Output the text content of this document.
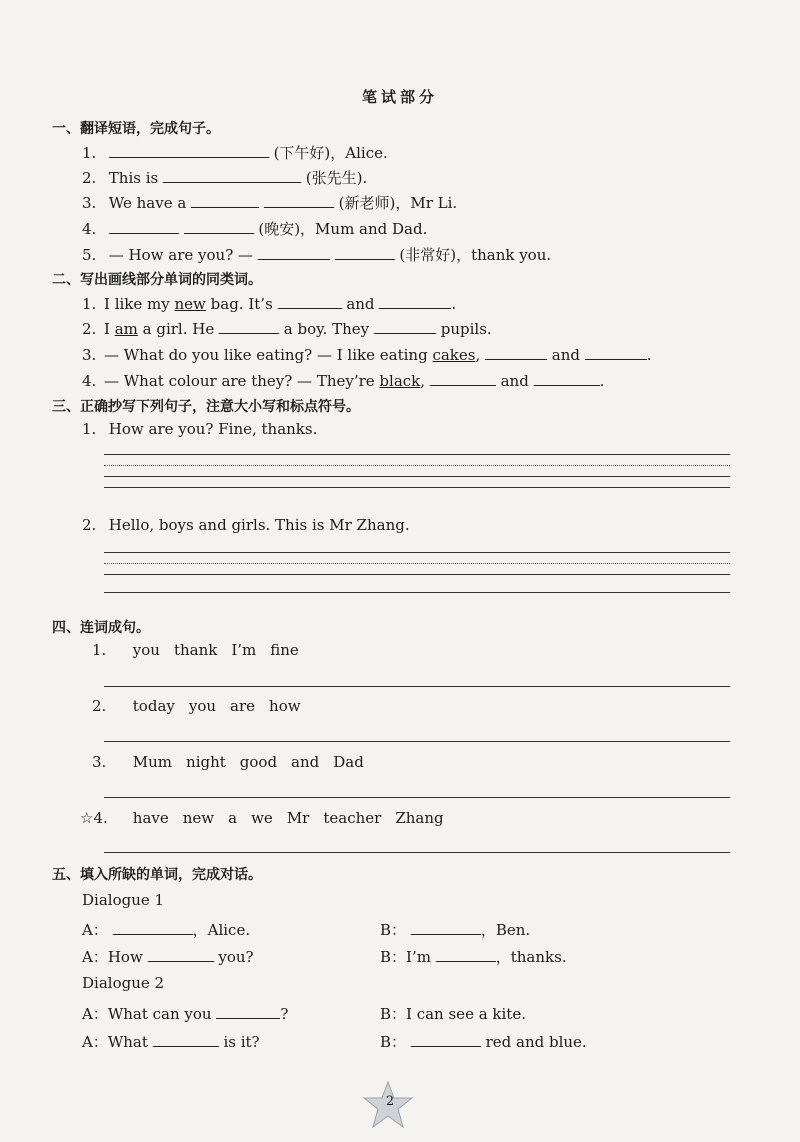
笔试部分
一、翻译短语，完成句子。
1.	(下午好)，Alice.
2. This is	(张先生).
3. We have a	(新老师)，Mr Li.
4.	(晚安)，Mum and Dad.
5. — How are you? —	(非常好)，thank you.
二、写出画线部分单词的同类词。
1. I like my new bag. It’s	and	.
2. I am a girl. He	a boy. They	pupils.
3. — What do you like eating? — I like eating cakes,	and	.
4. — What colour are they? — They’re black,	and	.
三、正确抄写下列句子，注意大小写和标点符号。
1. How are you? Fine, thanks.
2. Hello, boys and girls. This is Mr Zhang.
四、连词成句。
1. you thank I’m fine
2. today you are how
3. Mum night good and Dad
☆4. have new a we Mr teacher Zhang
五、填入所缺的单词，完成对话。
Dialogue 1
A：	，Alice.	B：	，Ben.
A：How	you?	B：I’m	，thanks.
Dialogue 2
A：What can you	?	B：I can see a kite.
A：What	is it?	B：	red and blue.
2
